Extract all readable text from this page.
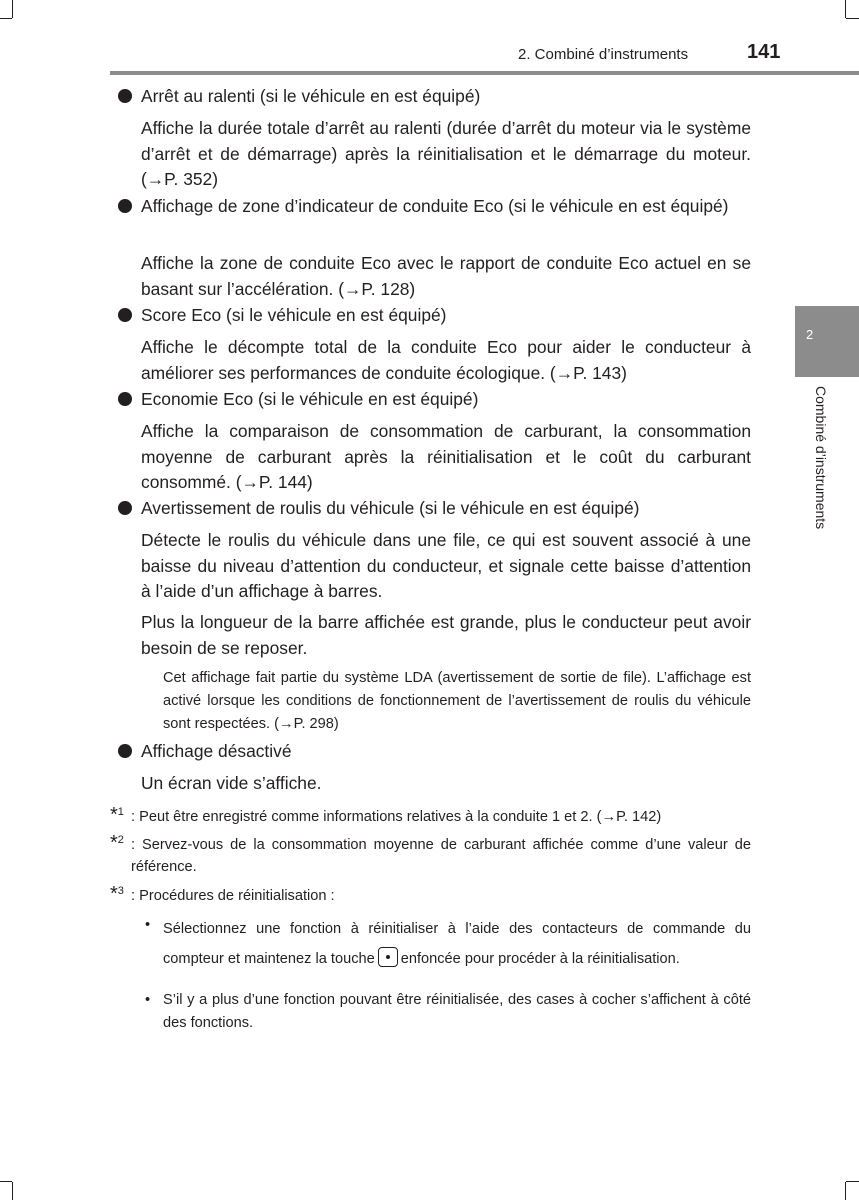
2. Combiné d’instruments	141
2
Combiné d’instruments
Arrêt au ralenti (si le véhicule en est équipé)
Affiche la durée totale d’arrêt au ralenti (durée d’arrêt du moteur via le système d’arrêt et de démarrage) après la réinitialisation et le démarrage du moteur. (→P. 352)
Affichage de zone d’indicateur de conduite Eco (si le véhicule en est équipé)
Affiche la zone de conduite Eco avec le rapport de conduite Eco actuel en se basant sur l’accélération. (→P. 128)
Score Eco (si le véhicule en est équipé)
Affiche le décompte total de la conduite Eco pour aider le conducteur à améliorer ses performances de conduite écologique. (→P. 143)
Economie Eco (si le véhicule en est équipé)
Affiche la comparaison de consommation de carburant, la consommation moyenne de carburant après la réinitialisation et le coût du carburant consommé. (→P. 144)
Avertissement de roulis du véhicule (si le véhicule en est équipé)
Détecte le roulis du véhicule dans une file, ce qui est souvent associé à une baisse du niveau d’attention du conducteur, et signale cette baisse d’attention à l’aide d’un affichage à barres.
Plus la longueur de la barre affichée est grande, plus le conducteur peut avoir besoin de se reposer.
Cet affichage fait partie du système LDA (avertissement de sortie de file). L’affichage est activé lorsque les conditions de fonctionnement de l’avertissement de roulis du véhicule sont respectées. (→P. 298)
Affichage désactivé
Un écran vide s’affiche.
*$^1$ : Peut être enregistré comme informations relatives à la conduite 1 et 2. (→P. 142)
*$^2$ : Servez-vous de la consommation moyenne de carburant affichée comme d’une valeur de référence.
*$^3$ : Procédures de réinitialisation :
• Sélectionnez une fonction à réinitialiser à l’aide des contacteurs de commande du compteur et maintenez la touche enfoncée pour procéder à la réinitialisation.
• S’il y a plus d’une fonction pouvant être réinitialisée, des cases à cocher s’affichent à côté des fonctions.
